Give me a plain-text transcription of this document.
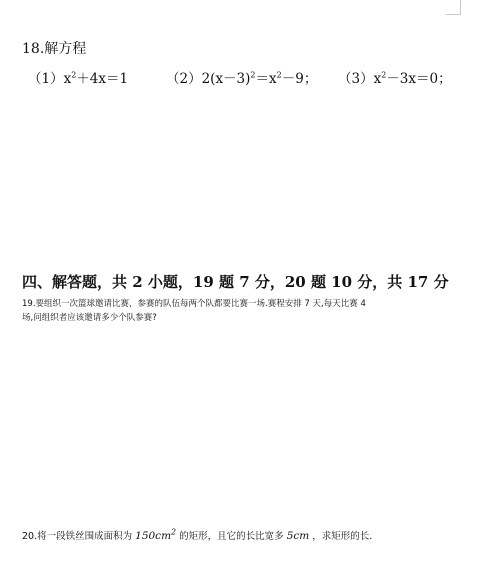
18.解方程
$(1)x^2+4x=1$	$(2)2(x-3)^2=x^2-9$； $(3)x^2-3x=0$；
四、解答题，共 2 小题，19 题 7 分，20 题 10 分，共 17 分
19.要组织一次篮球邀请比赛，参赛的队伍每两个队都要比赛一场.赛程安排 7 天,每天比赛 4
场,问组织者应该邀请多少个队参赛?
20.将一段铁丝围成面积为 $150cm^2$ 的矩形，且它的长比宽多 5cm ，求矩形的长.
